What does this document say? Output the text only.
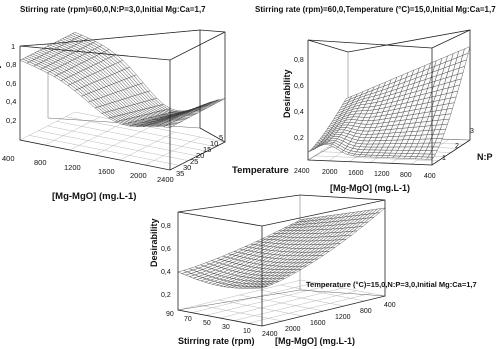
Stirring rate (rpm)=60,0,N:P=3,0,Initial Mg:Ca=1,7
0,2
0,4
0,6
0,8
1
400	800
1200 1600 2000 2400
[Mg-MgO] (mg.L-1)
35
30
25
20
15
10
5
Temperature
Stirring rate (rpm)=60,0,Temperature (°C)=15,0,Initial Mg:Ca=1,7
0,2
0,4
0,6
0,8
Desirability
2400 2000 1600 1200 800 400
[Mg-MgO] (mg.L-1)
1
2
3
N:P
0,2
0,4
0,6
0,8
Desirability
90
70
50
30
10
Stirring rate (rpm)
2400
2000
1600
1200
800
400
[Mg-MgO] (mg.L-1)
Temperature (°C)=15,0,N:P=3,0,Initial Mg:Ca=1,7
